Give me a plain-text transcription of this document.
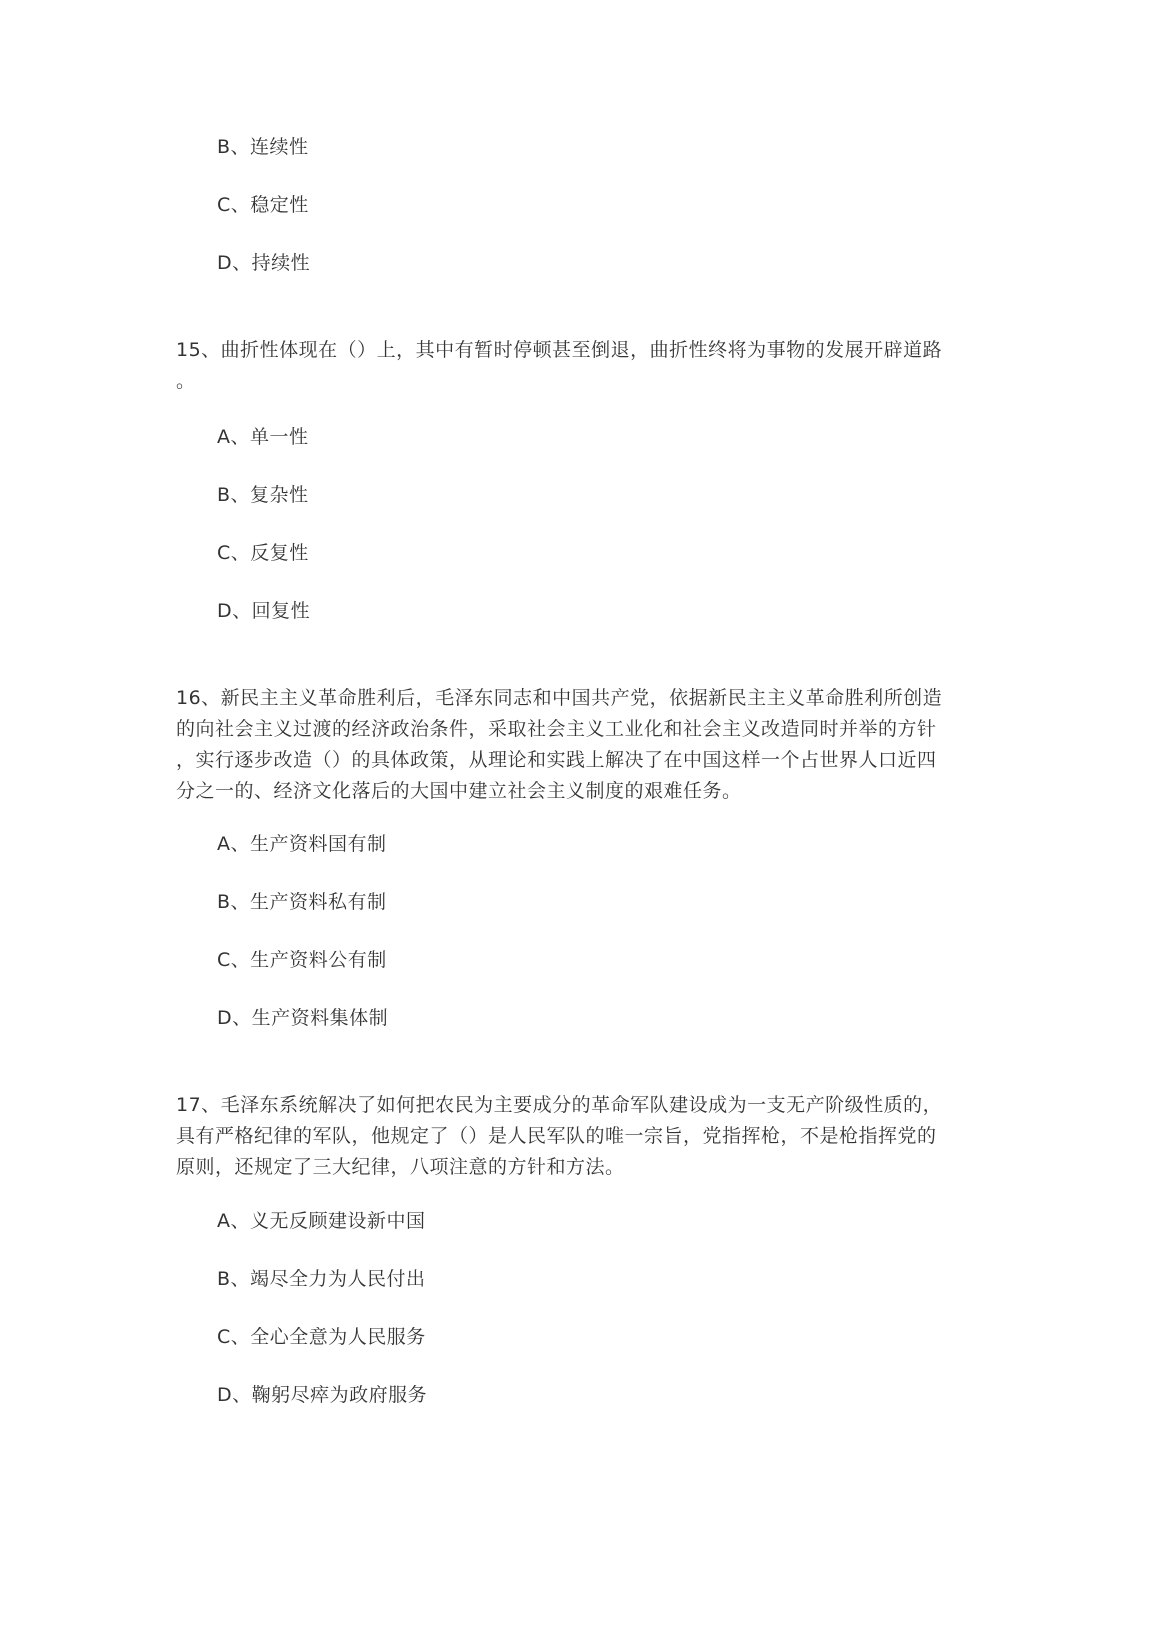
B、连续性
C、稳定性
D、持续性
15、曲折性体现在（）上，其中有暂时停顿甚至倒退，曲折性终将为事物的发展开辟道路
。
A、单一性
B、复杂性
C、反复性
D、回复性
16、新民主主义革命胜利后，毛泽东同志和中国共产党，依据新民主主义革命胜利所创造
的向社会主义过渡的经济政治条件，采取社会主义工业化和社会主义改造同时并举的方针
，实行逐步改造（）的具体政策，从理论和实践上解决了在中国这样一个占世界人口近四
分之一的、经济文化落后的大国中建立社会主义制度的艰难任务。
A、生产资料国有制
B、生产资料私有制
C、生产资料公有制
D、生产资料集体制
17、毛泽东系统解决了如何把农民为主要成分的革命军队建设成为一支无产阶级性质的，
具有严格纪律的军队，他规定了（）是人民军队的唯一宗旨，党指挥枪，不是枪指挥党的
原则，还规定了三大纪律，八项注意的方针和方法。
A、义无反顾建设新中国
B、竭尽全力为人民付出
C、全心全意为人民服务
D、鞠躬尽瘁为政府服务
